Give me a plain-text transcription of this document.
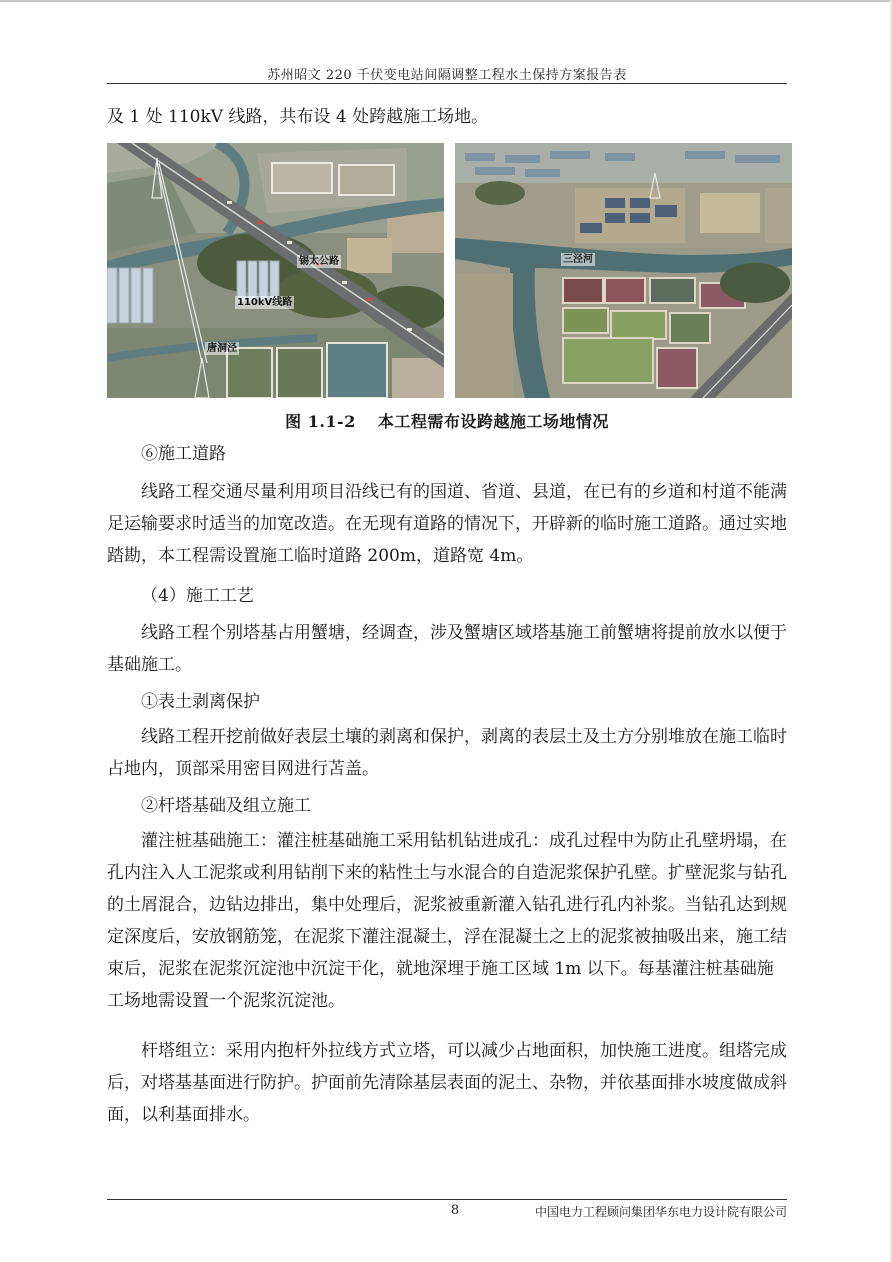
苏州昭文 220 千伏变电站间隔调整工程水土保持方案报告表
及 1 处 110kV 线路，共布设 4 处跨越施工场地。
锡太公路
110kV线路
唐洞泾
三泾河
图 1.1-2 本工程需布设跨越施工场地情况
⑥施工道路
线路工程交通尽量利用项目沿线已有的国道、省道、县道，在已有的乡道和村道不能满足运输要求时适当的加宽改造。在无现有道路的情况下，开辟新的临时施工道路。通过实地踏勘，本工程需设置施工临时道路 200m，道路宽 4m。
（4）施工工艺
线路工程个别塔基占用蟹塘，经调查，涉及蟹塘区域塔基施工前蟹塘将提前放水以便于基础施工。
①表土剥离保护
线路工程开挖前做好表层土壤的剥离和保护，剥离的表层土及土方分别堆放在施工临时占地内，顶部采用密目网进行苫盖。
②杆塔基础及组立施工
灌注桩基础施工：灌注桩基础施工采用钻机钻进成孔：成孔过程中为防止孔壁坍塌，在孔内注入人工泥浆或利用钻削下来的粘性土与水混合的自造泥浆保护孔壁。扩壁泥浆与钻孔的土屑混合，边钻边排出，集中处理后，泥浆被重新灌入钻孔进行孔内补浆。当钻孔达到规定深度后，安放钢筋笼，在泥浆下灌注混凝土，浮在混凝土之上的泥浆被抽吸出来，施工结束后，泥浆在泥浆沉淀池中沉淀干化，就地深埋于施工区域 1m 以下。每基灌注桩基础施工场地需设置一个泥浆沉淀池。
杆塔组立：采用内抱杆外拉线方式立塔，可以减少占地面积，加快施工进度。组塔完成后，对塔基基面进行防护。护面前先清除基层表面的泥土、杂物，并依基面排水坡度做成斜面，以利基面排水。
8	中国电力工程顾问集团华东电力设计院有限公司
